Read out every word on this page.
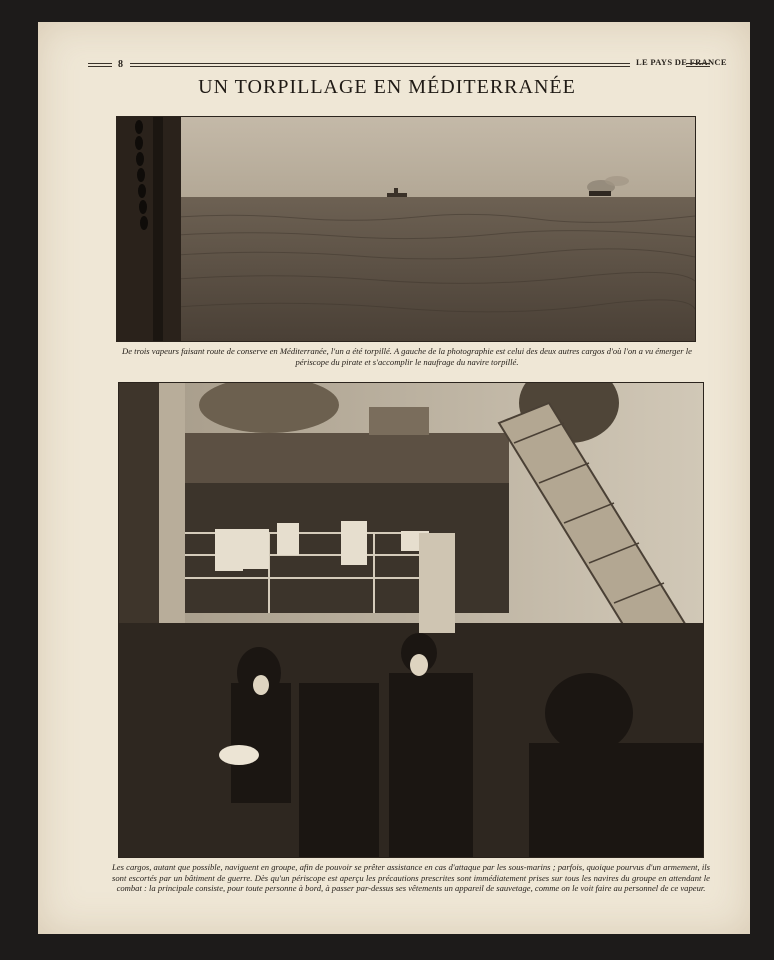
8	LE PAYS DE FRANCE
UN TORPILLAGE EN MÉDITERRANÉE
De trois vapeurs faisant route de conserve en Méditerranée, l'un a été torpillé. A gauche de la photographie est celui des deux autres cargos d'où l'on a vu émerger le périscope du pirate et s'accomplir le naufrage du navire torpillé.
Les cargos, autant que possible, naviguent en groupe, afin de pouvoir se prêter assistance en cas d'attaque par les sous-marins ; parfois, quoique pourvus d'un armement, ils sont escortés par un bâtiment de guerre. Dès qu'un périscope est aperçu les précautions prescrites sont immédiatement prises sur tous les navires du groupe en attendant le combat : la principale consiste, pour toute personne à bord, à passer par-dessus ses vêtements un appareil de sauvetage, comme on le voit faire au personnel de ce vapeur.
